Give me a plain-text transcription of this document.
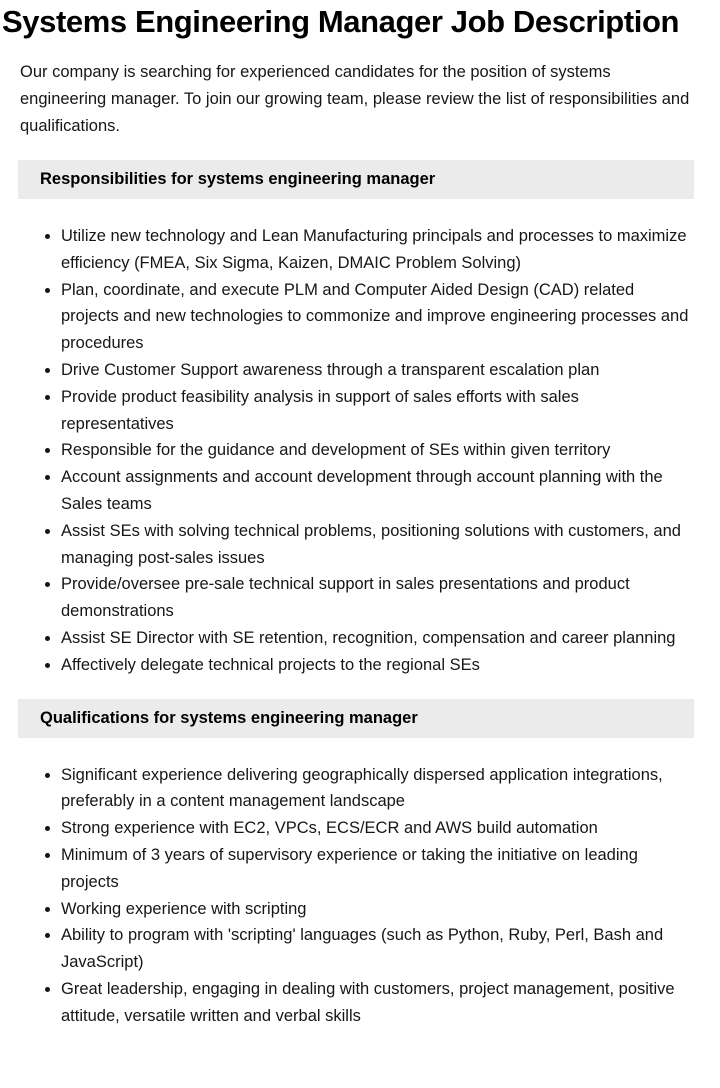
Systems Engineering Manager Job Description

Our company is searching for experienced candidates for the position of systems engineering manager. To join our growing team, please review the list of responsibilities and qualifications.

Responsibilities for systems engineering manager
• Utilize new technology and Lean Manufacturing principals and processes to maximize efficiency (FMEA, Six Sigma, Kaizen, DMAIC Problem Solving)
• Plan, coordinate, and execute PLM and Computer Aided Design (CAD) related projects and new technologies to commonize and improve engineering processes and procedures
• Drive Customer Support awareness through a transparent escalation plan
• Provide product feasibility analysis in support of sales efforts with sales representatives
• Responsible for the guidance and development of SEs within given territory
• Account assignments and account development through account planning with the Sales teams
• Assist SEs with solving technical problems, positioning solutions with customers, and managing post-sales issues
• Provide/oversee pre-sale technical support in sales presentations and product demonstrations
• Assist SE Director with SE retention, recognition, compensation and career planning
• Affectively delegate technical projects to the regional SEs
Qualifications for systems engineering manager
• Significant experience delivering geographically dispersed application integrations, preferably in a content management landscape
• Strong experience with EC2, VPCs, ECS/ECR and AWS build automation
• Minimum of 3 years of supervisory experience or taking the initiative on leading projects
• Working experience with scripting
• Ability to program with 'scripting' languages (such as Python, Ruby, Perl, Bash and JavaScript)
• Great leadership, engaging in dealing with customers, project management, positive attitude, versatile written and verbal skills
